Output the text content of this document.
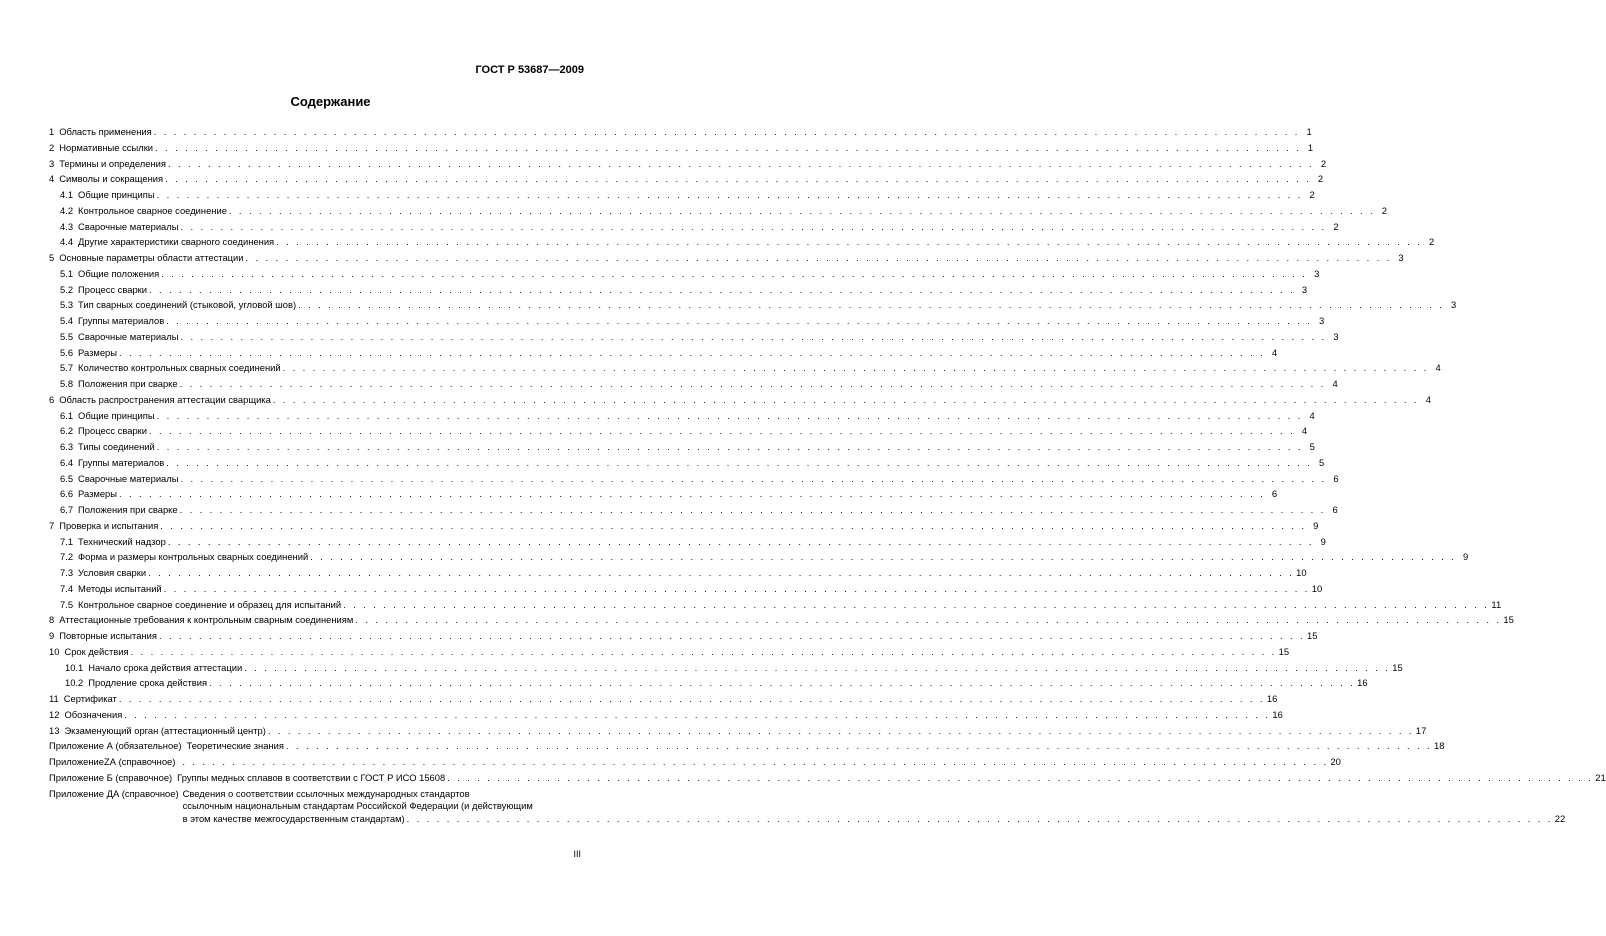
ГОСТ Р 53687—2009
Содержание
1 Область применения . . .	1
2 Нормативные ссылки . . .	1
3 Термины и определения . . .	2
4 Символы и сокращения . . .	2
4.1 Общие принципы . . .	2
4.2 Контрольное сварное соединение . . .	2
4.3 Сварочные материалы . . .	2
4.4 Другие характеристики сварного соединения . . .	2
5 Основные параметры области аттестации . . .	3
5.1 Общие положения . . .	3
5.2 Процесс сварки . . .	3
5.3 Тип сварных соединений (стыковой, угловой шов) . . .	3
5.4 Группы материалов . . .	3
5.5 Сварочные материалы . . .	3
5.6 Размеры . . .	4
5.7 Количество контрольных сварных соединений . . .	4
5.8 Положения при сварке . . .	4
6 Область распространения аттестации сварщика . . .	4
6.1 Общие принципы . . .	4
6.2 Процесс сварки . . .	4
6.3 Типы соединений . . .	5
6.4 Группы материалов . . .	5
6.5 Сварочные материалы . . .	6
6.6 Размеры . . .	6
6.7 Положения при сварке . . .	6
7 Проверка и испытания . . .	9
7.1 Технический надзор . . .	9
7.2 Форма и размеры контрольных сварных соединений . . .	9
7.3 Условия сварки . . .	10
7.4 Методы испытаний . . .	10
7.5 Контрольное сварное соединение и образец для испытаний . . .	11
8 Аттестационные требования к контрольным сварным соединениям . . .	15
9 Повторные испытания . . .	15
10 Срок действия . . .	15
10.1 Начало срока действия аттестации . . .	15
10.2 Продление срока действия . . .	16
11 Сертификат . . .	16
12 Обозначения . . .	16
13 Экзаменующий орган (аттестационный центр) . . .	17
Приложение А (обязательное) Теоретические знания . . .	18
ПриложениеZА (справочное) . . .	20
Приложение Б (справочное) Группы медных сплавов в соответствии с ГОСТ Р ИСО 15608 . . .	21
Приложение ДА (справочное) Сведения о соответствии ссылочных международных стандартов
ссылочным национальным стандартам Российской Федерации (и действующим
в этом качестве межгосударственным стандартам) . . .	22
III
